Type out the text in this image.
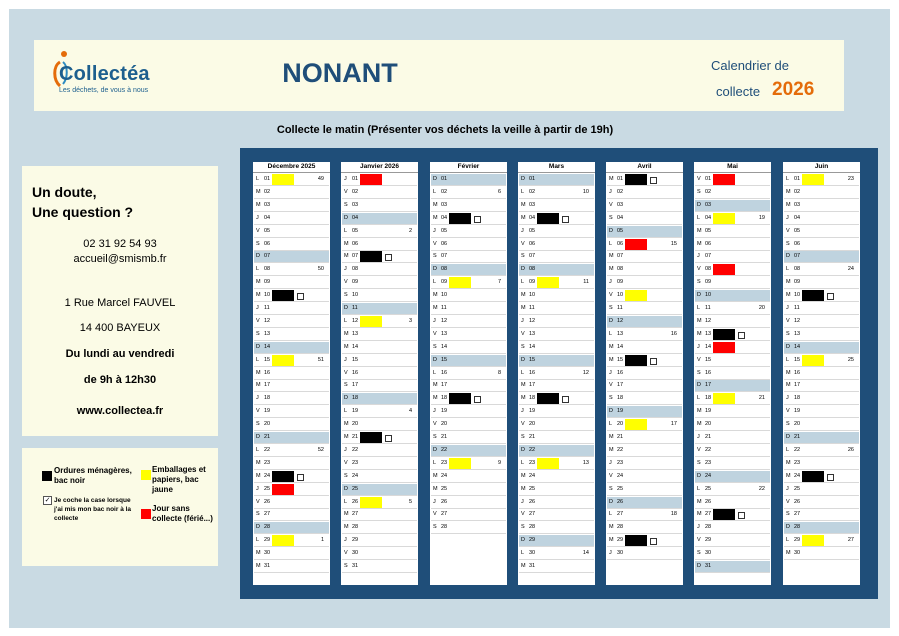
Collectéa
Les déchets, de vous à nous
NONANT	Calendrier de
collecte 2026
Collecte le matin (Présenter vos déchets la veille à partir de 19h)
Un doute,
Une question ?
02 31 92 54 93
accueil@smismb.fr
1 Rue Marcel FAUVEL
14 400 BAYEUX
Du lundi au vendredi
de 9h à 12h30
www.collectea.fr
Ordures ménagères, bac noir
Emballages et papiers, bac jaune
✓ Je coche la case lorsque j'ai mis mon bac noir à la collecte
Jour sans collecte (férié...)
Décembre 2025
L 01	49
M 02
M 03
J 04
V 05
S 06
D 07
L 08	50
M 09
M 10
J 11
V 12
S 13
D 14
L 15	51
M 16
M 17
J 18
V 19
S 20
D 21
L 22	52
M 23
M 24
J 25
V 26
S 27
D 28
L 29	1
M 30
M 31
Janvier 2026
J 01
V 02
S 03
D 04
L 05	2
M 06
M 07
J 08
V 09
S 10
D 11
L 12	3
M 13
M 14
J 15
V 16
S 17
D 18
L 19	4
M 20
M 21
J 22
V 23
S 24
D 25
L 26	5
M 27
M 28
J 29
V 30
S 31
Février
D 01
L 02	6
M 03
M 04
J 05
V 06
S 07
D 08
L 09	7
M 10
M 11
J 12
V 13
S 14
D 15
L 16	8
M 17
M 18
J 19
V 20
S 21
D 22
L 23	9
M 24
M 25
J 26
V 27
S 28
Mars
D 01
L 02	10
M 03
M 04
J 05
V 06
S 07
D 08
L 09	11
M 10
M 11
J 12
V 13
S 14
D 15
L 16	12
M 17
M 18
J 19
V 20
S 21
D 22
L 23	13
M 24
M 25
J 26
V 27
S 28
D 29
L 30	14
M 31
Avril
M 01
J 02
V 03
S 04
D 05
L 06	15
M 07
M 08
J 09
V 10
S 11
D 12
L 13	16
M 14
M 15
J 16
V 17
S 18
D 19
L 20	17
M 21
M 22
J 23
V 24
S 25
D 26
L 27	18
M 28
M 29
J 30
Mai
V 01
S 02
D 03
L 04	19
M 05
M 06
J 07
V 08
S 09
D 10
L 11	20
M 12
M 13
J 14
V 15
S 16
D 17
L 18	21
M 19
M 20
J 21
V 22
S 23
D 24
L 25	22
M 26
M 27
J 28
V 29
S 30
D 31
Juin
L 01	23
M 02
M 03
J 04
V 05
S 06
D 07
L 08	24
M 09
M 10
J 11
V 12
S 13
D 14
L 15	25
M 16
M 17
J 18
V 19
S 20
D 21
L 22	26
M 23
M 24
J 25
V 26
S 27
D 28
L 29	27
M 30
